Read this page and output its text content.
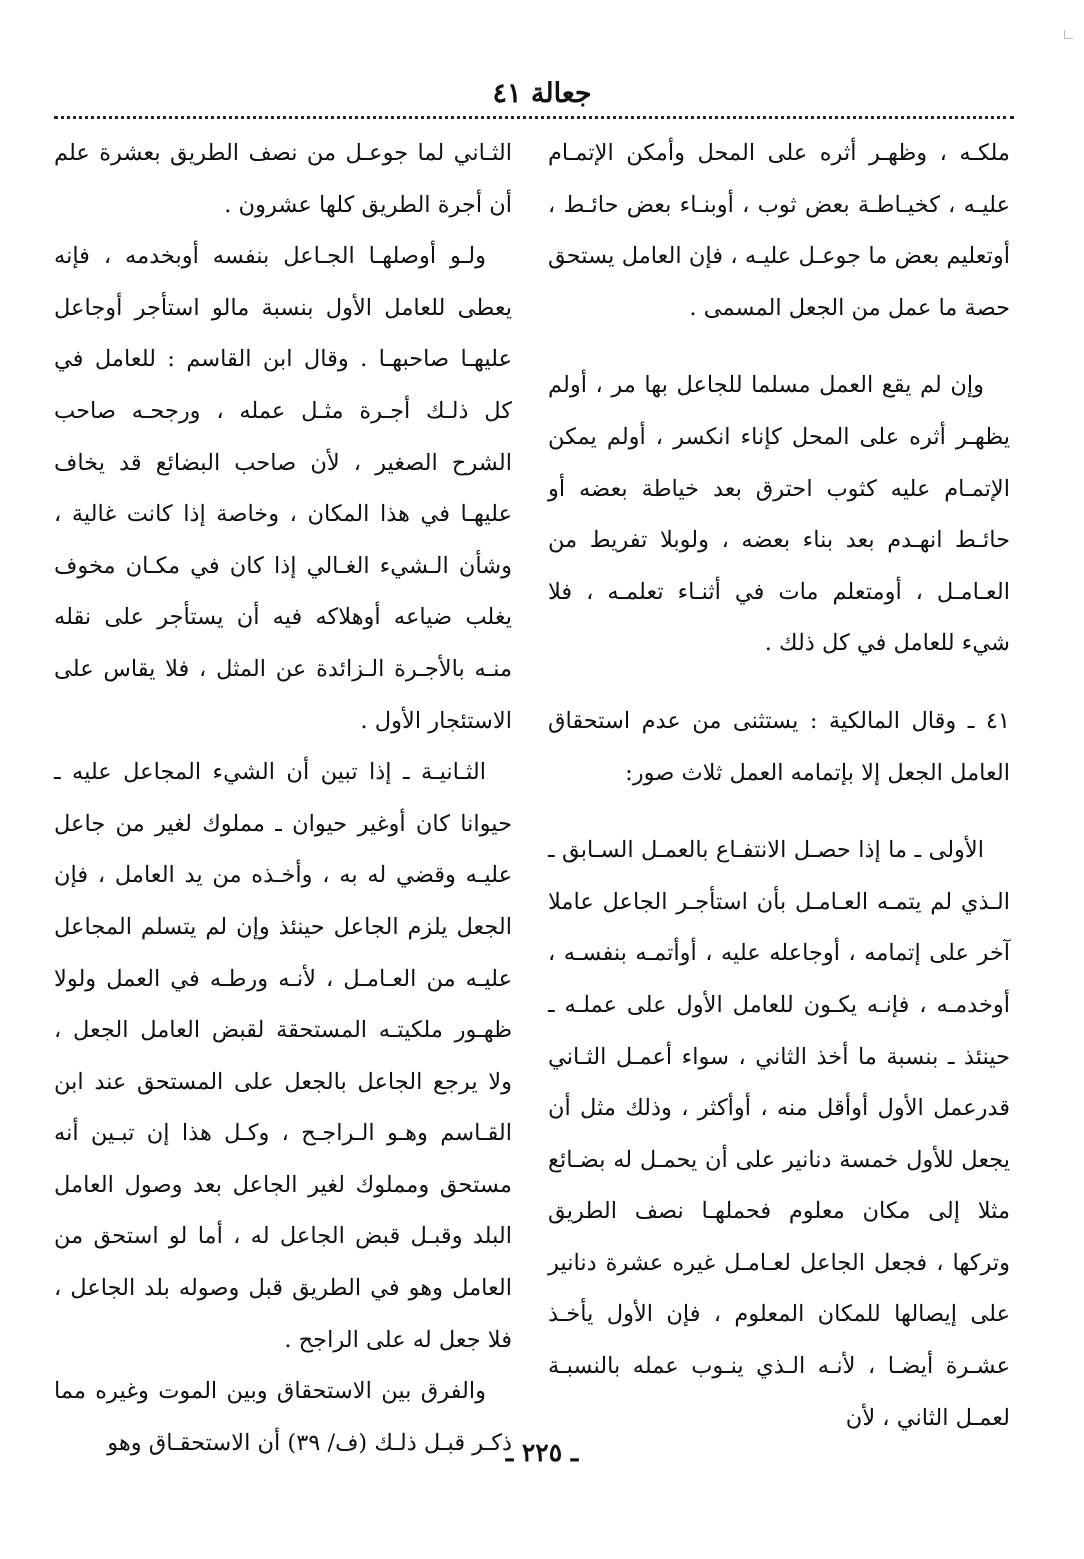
جعالة ٤١

ملكـه ، وظهـر أثره على المحل وأمكن الإتمـام عليـه ، كخيـاطـة بعض ثوب ، أوبنـاء بعض حائـط ، أوتعليم بعض ما جوعـل عليـه ، فإن العامل يستحق حصة ما عمل من الجعل المسمى .

وإن لم يقع العمل مسلما للجاعل بها مر ، أولم يظهـر أثره على المحل كإناء انكسر ، أولم يمكن الإتمـام عليه كثوب احترق بعد خياطة بعضه أو حائـط انهـدم بعد بناء بعضه ، ولوبلا تفريط من العـامـل ، أومتعلم مات في أثنـاء تعلمـه ، فلا شيء للعامل في كل ذلك .

٤١ ـ وقال المالكية : يستثنى من عدم استحقاق العامل الجعل إلا بإتمامه العمل ثلاث صور:

الأولى ـ ما إذا حصـل الانتفـاع بالعمـل السـابق ـ الـذي لم يتمـه العـامـل بأن استأجـر الجاعل عاملا آخر على إتمامه ، أوجاعله عليه ، أوأتمـه بنفسـه ، أوخدمـه ، فإنـه يكـون للعامل الأول على عملـه ـ حينئذ ـ بنسبة ما أخذ الثاني ، سواء أعمـل الثـاني قدرعمل الأول أوأقل منه ، أوأكثر ، وذلك مثل أن يجعل للأول خمسة دنانير على أن يحمـل له بضـائع مثلا إلى مكان معلوم فحملهـا نصف الطريق وتركها ، فجعل الجاعل لعـامـل غيره عشرة دنانير على إيصالها للمكان المعلوم ، فإن الأول يأخـذ عشـرة أيضـا ، لأنـه الـذي ينـوب عمله بالنسبـة لعمـل الثاني ، لأن

الثـاني لما جوعـل من نصف الطريق بعشرة علم أن أجرة الطريق كلها عشرون .

ولـو أوصلهـا الجـاعل بنفسه أوبخدمه ، فإنه يعطى للعامل الأول بنسبة مالو استأجر أوجاعل عليهـا صاحبهـا . وقال ابن القاسم : للعامل في كل ذلـك أجـرة مثـل عمله ، ورجحـه صاحب الشرح الصغير ، لأن صاحب البضائع قد يخاف عليهـا في هذا المكان ، وخاصة إذا كانت غالية ، وشأن الـشيء الغـالي إذا كان في مكـان مخوف يغلب ضياعه أوهلاكه فيه أن يستأجر على نقله منـه بالأجـرة الـزائدة عن المثل ، فلا يقاس على الاستئجار الأول .

الثـانيـة ـ إذا تبين أن الشيء المجاعل عليه ـ حيوانا كان أوغير حيوان ـ مملوك لغير من جاعل عليـه وقضي له به ، وأخـذه من يد العامل ، فإن الجعل يلزم الجاعل حينئذ وإن لم يتسلم المجاعل عليـه من العـامـل ، لأنـه ورطـه في العمل ولولا ظهـور ملكيتـه المستحقة لقبض العامل الجعل ، ولا يرجع الجاعل بالجعل على المستحق عند ابن القـاسم وهـو الـراجـح ، وكـل هذا إن تبـين أنه مستحق ومملوك لغير الجاعل بعد وصول العامل البلد وقبـل قبض الجاعل له ، أما لو استحق من العامل وهو في الطريق قبل وصوله بلد الجاعل ، فلا جعل له على الراجح .

والفرق بين الاستحقاق وبين الموت وغيره مما ذكـر قبـل ذلـك (ف/ ٣٩) أن الاستحقـاق وهو

ـ ٢٢٥ ـ
